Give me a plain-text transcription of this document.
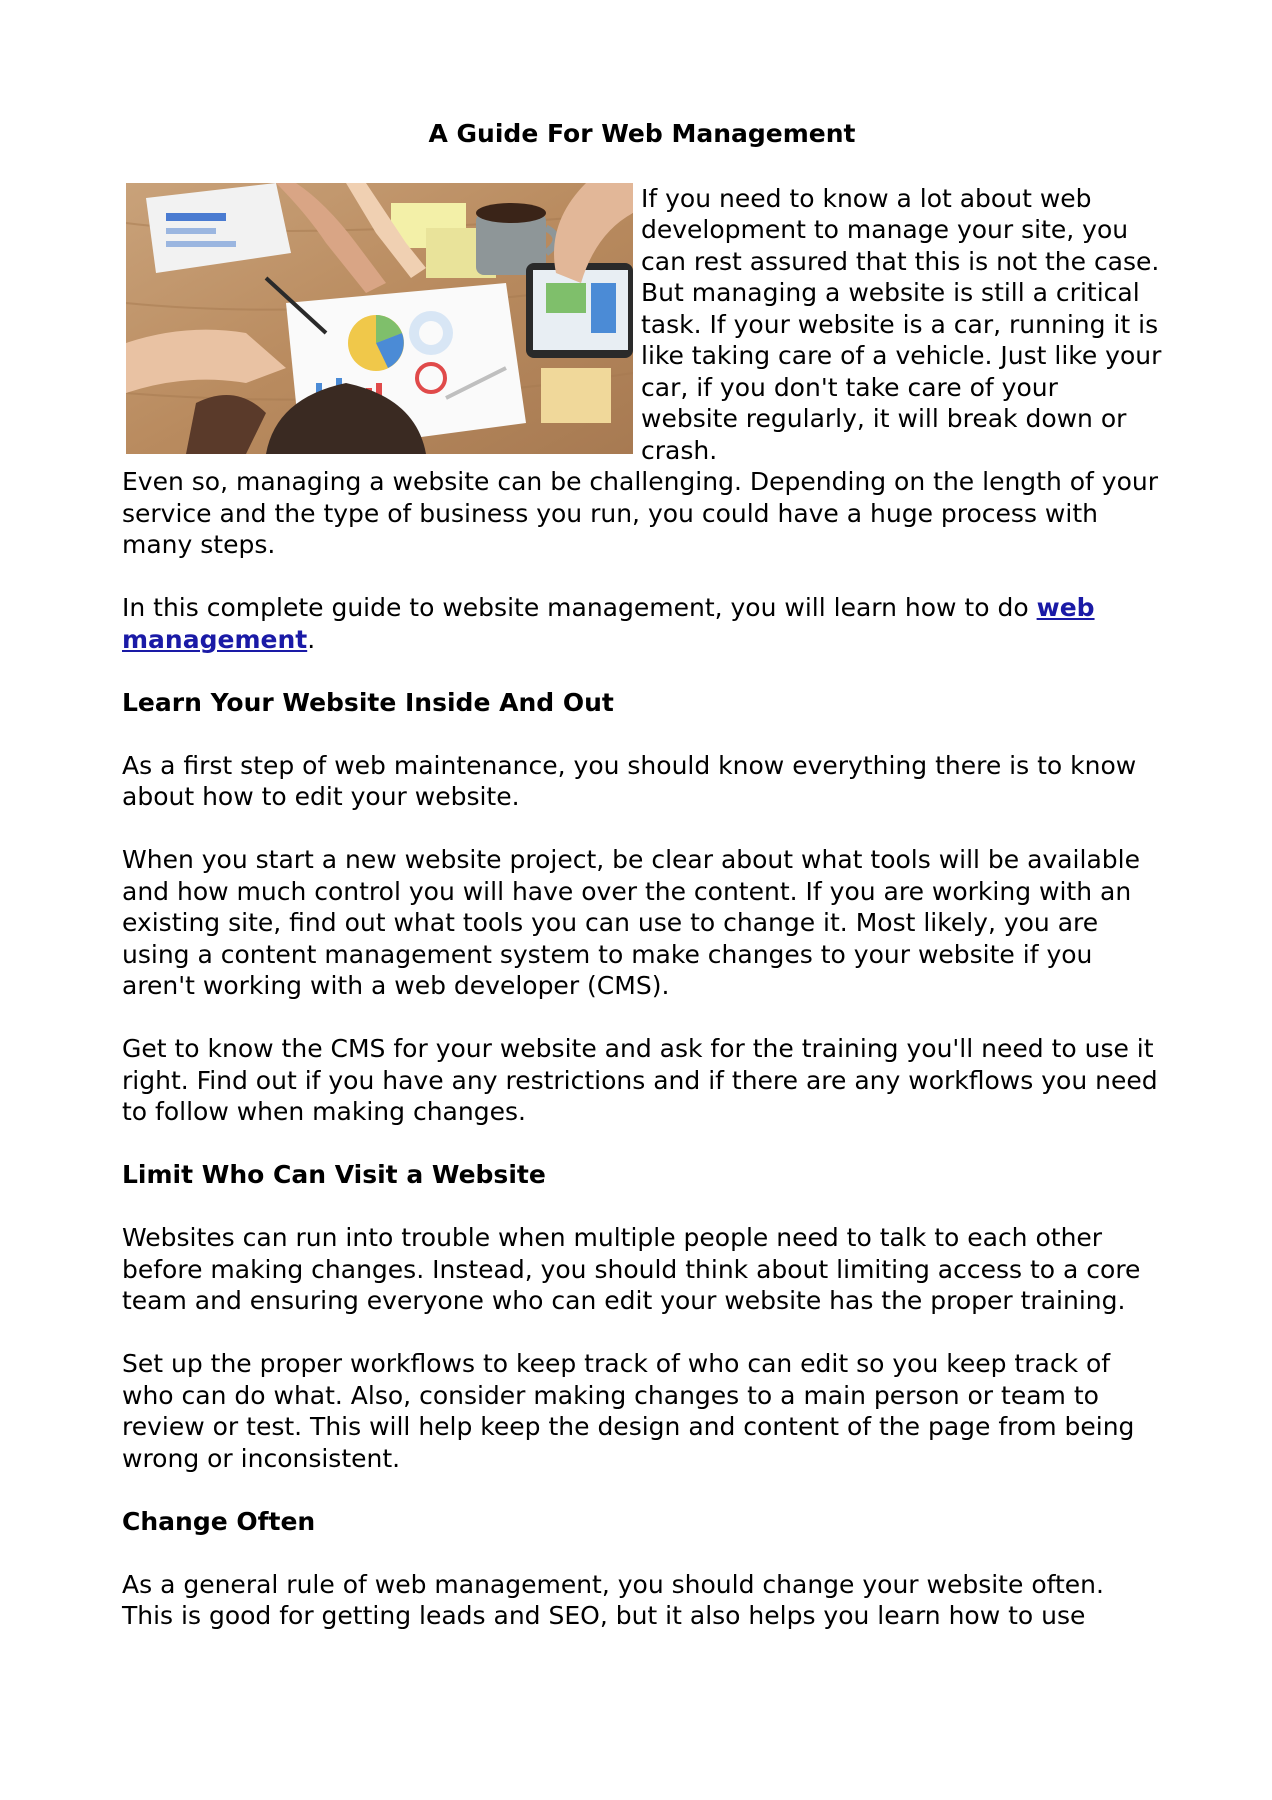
A Guide For Web Management

If you need to know a lot about web development to manage your site, you can rest assured that this is not the case. But managing a website is still a critical task. If your website is a car, running it is like taking care of a vehicle. Just like your car, if you don't take care of your website regularly, it will break down or crash.

Even so, managing a website can be challenging. Depending on the length of your service and the type of business you run, you could have a huge process with many steps.

In this complete guide to website management, you will learn how to do web management.

Learn Your Website Inside And Out

As a first step of web maintenance, you should know everything there is to know about how to edit your website.

When you start a new website project, be clear about what tools will be available and how much control you will have over the content. If you are working with an existing site, find out what tools you can use to change it. Most likely, you are using a content management system to make changes to your website if you aren't working with a web developer (CMS).

Get to know the CMS for your website and ask for the training you'll need to use it right. Find out if you have any restrictions and if there are any workflows you need to follow when making changes.

Limit Who Can Visit a Website

Websites can run into trouble when multiple people need to talk to each other before making changes. Instead, you should think about limiting access to a core team and ensuring everyone who can edit your website has the proper training.

Set up the proper workflows to keep track of who can edit so you keep track of who can do what. Also, consider making changes to a main person or team to review or test. This will help keep the design and content of the page from being wrong or inconsistent.

Change Often

As a general rule of web management, you should change your website often. This is good for getting leads and SEO, but it also helps you learn how to use
